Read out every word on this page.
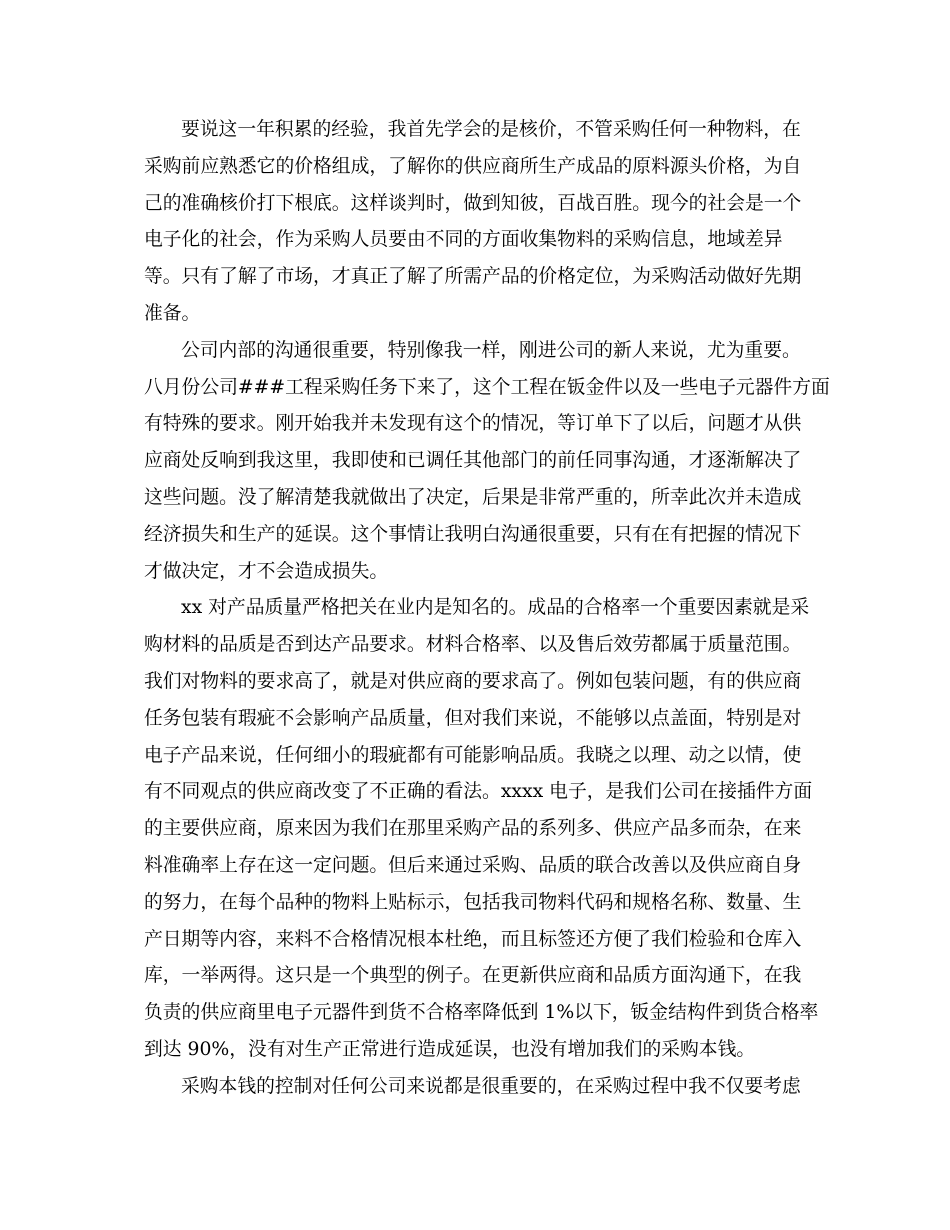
要说这一年积累的经验，我首先学会的是核价，不管采购任何一种物料，在
采购前应熟悉它的价格组成，了解你的供应商所生产成品的原料源头价格，为自
己的准确核价打下根底。这样谈判时，做到知彼，百战百胜。现今的社会是一个
电子化的社会，作为采购人员要由不同的方面收集物料的采购信息，地域差异
等。只有了解了市场，才真正了解了所需产品的价格定位，为采购活动做好先期
准备。

公司内部的沟通很重要，特别像我一样，刚进公司的新人来说，尤为重要。
八月份公司###工程采购任务下来了，这个工程在钣金件以及一些电子元器件方面
有特殊的要求。刚开始我并未发现有这个的情况，等订单下了以后，问题才从供
应商处反响到我这里，我即使和已调任其他部门的前任同事沟通，才逐渐解决了
这些问题。没了解清楚我就做出了决定，后果是非常严重的，所幸此次并未造成
经济损失和生产的延误。这个事情让我明白沟通很重要，只有在有把握的情况下
才做决定，才不会造成损失。

xx 对产品质量严格把关在业内是知名的。成品的合格率一个重要因素就是采
购材料的品质是否到达产品要求。材料合格率、以及售后效劳都属于质量范围。
我们对物料的要求高了，就是对供应商的要求高了。例如包装问题，有的供应商
任务包装有瑕疵不会影响产品质量，但对我们来说，不能够以点盖面，特别是对
电子产品来说，任何细小的瑕疵都有可能影响品质。我晓之以理、动之以情，使
有不同观点的供应商改变了不正确的看法。xxxx 电子，是我们公司在接插件方面
的主要供应商，原来因为我们在那里采购产品的系列多、供应产品多而杂，在来
料准确率上存在这一定问题。但后来通过采购、品质的联合改善以及供应商自身
的努力，在每个品种的物料上贴标示，包括我司物料代码和规格名称、数量、生
产日期等内容，来料不合格情况根本杜绝，而且标签还方便了我们检验和仓库入
库，一举两得。这只是一个典型的例子。在更新供应商和品质方面沟通下，在我
负责的供应商里电子元器件到货不合格率降低到 1%以下，钣金结构件到货合格率
到达 90%，没有对生产正常进行造成延误，也没有增加我们的采购本钱。

采购本钱的控制对任何公司来说都是很重要的，在采购过程中我不仅要考虑
